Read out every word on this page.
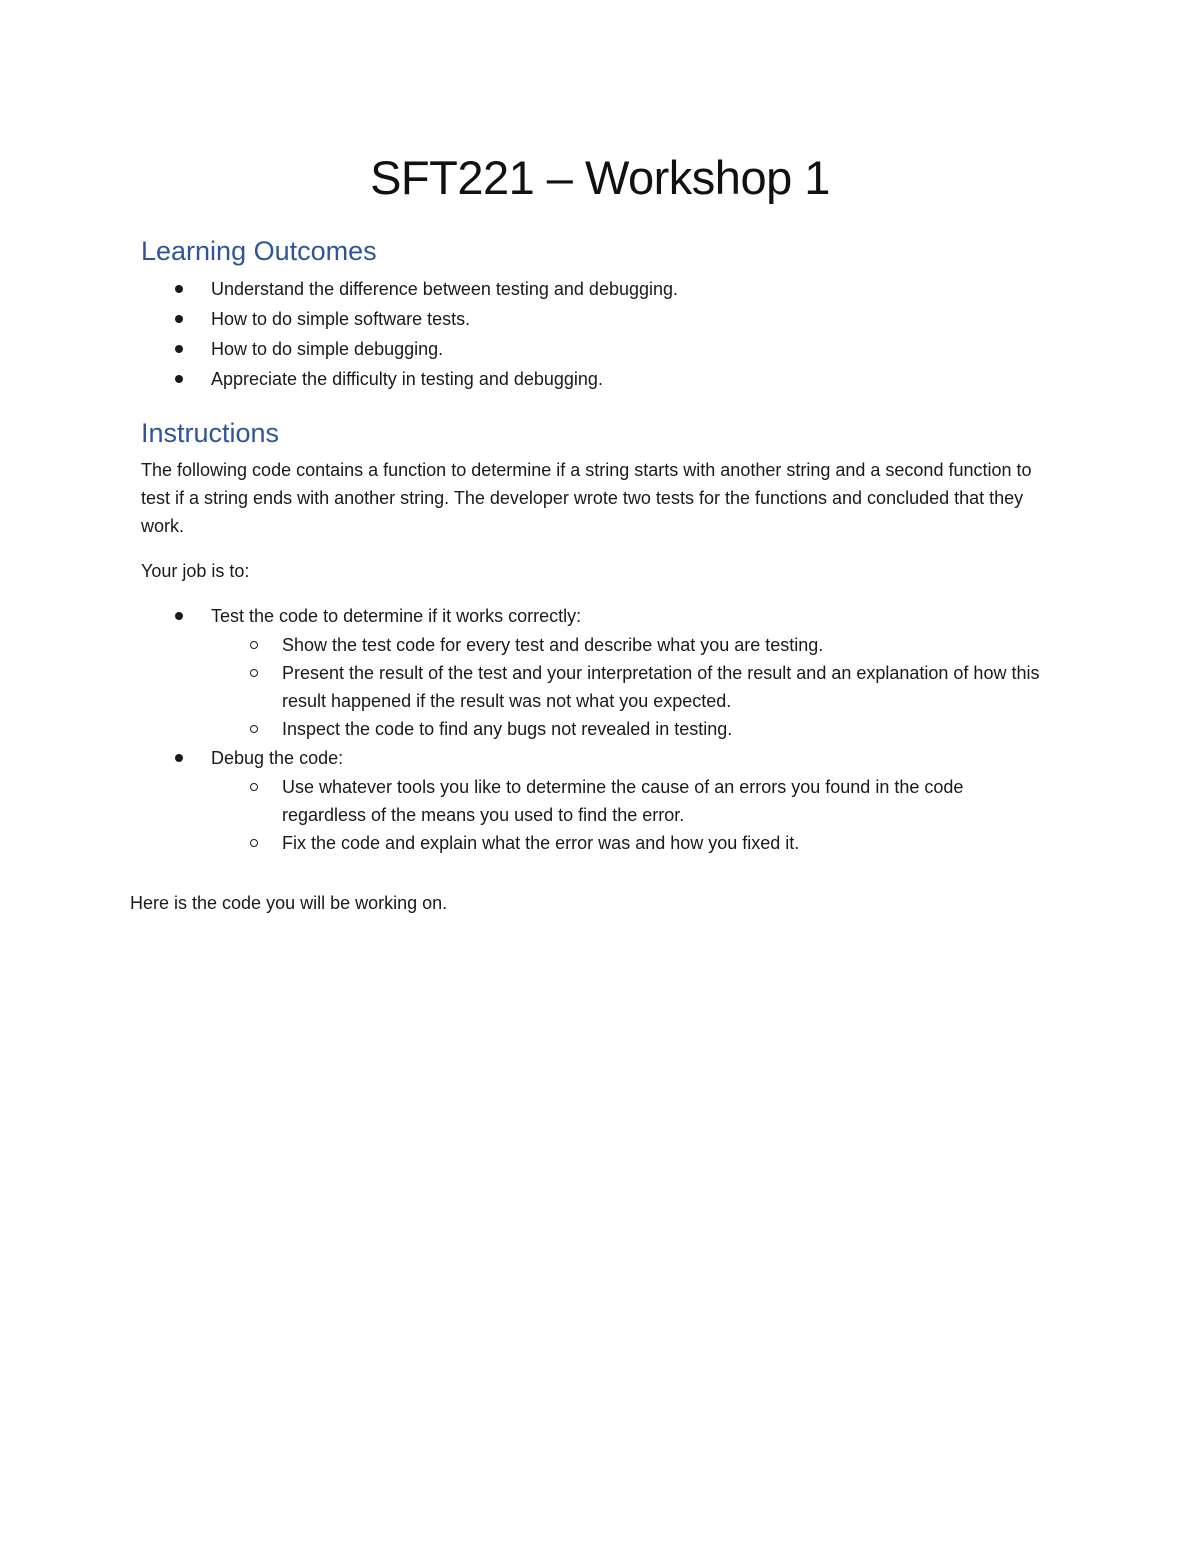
SFT221 – Workshop 1
Learning Outcomes
Understand the difference between testing and debugging.
How to do simple software tests.
How to do simple debugging.
Appreciate the difficulty in testing and debugging.
Instructions

The following code contains a function to determine if a string starts with another string and a second function to test if a string ends with another string. The developer wrote two tests for the functions and concluded that they work.

Your job is to:

Test the code to determine if it works correctly:
Show the test code for every test and describe what you are testing.
Present the result of the test and your interpretation of the result and an explanation of how this result happened if the result was not what you expected.
Inspect the code to find any bugs not revealed in testing.
Debug the code:
Use whatever tools you like to determine the cause of an errors you found in the code regardless of the means you used to find the error.
Fix the code and explain what the error was and how you fixed it.

Here is the code you will be working on.
